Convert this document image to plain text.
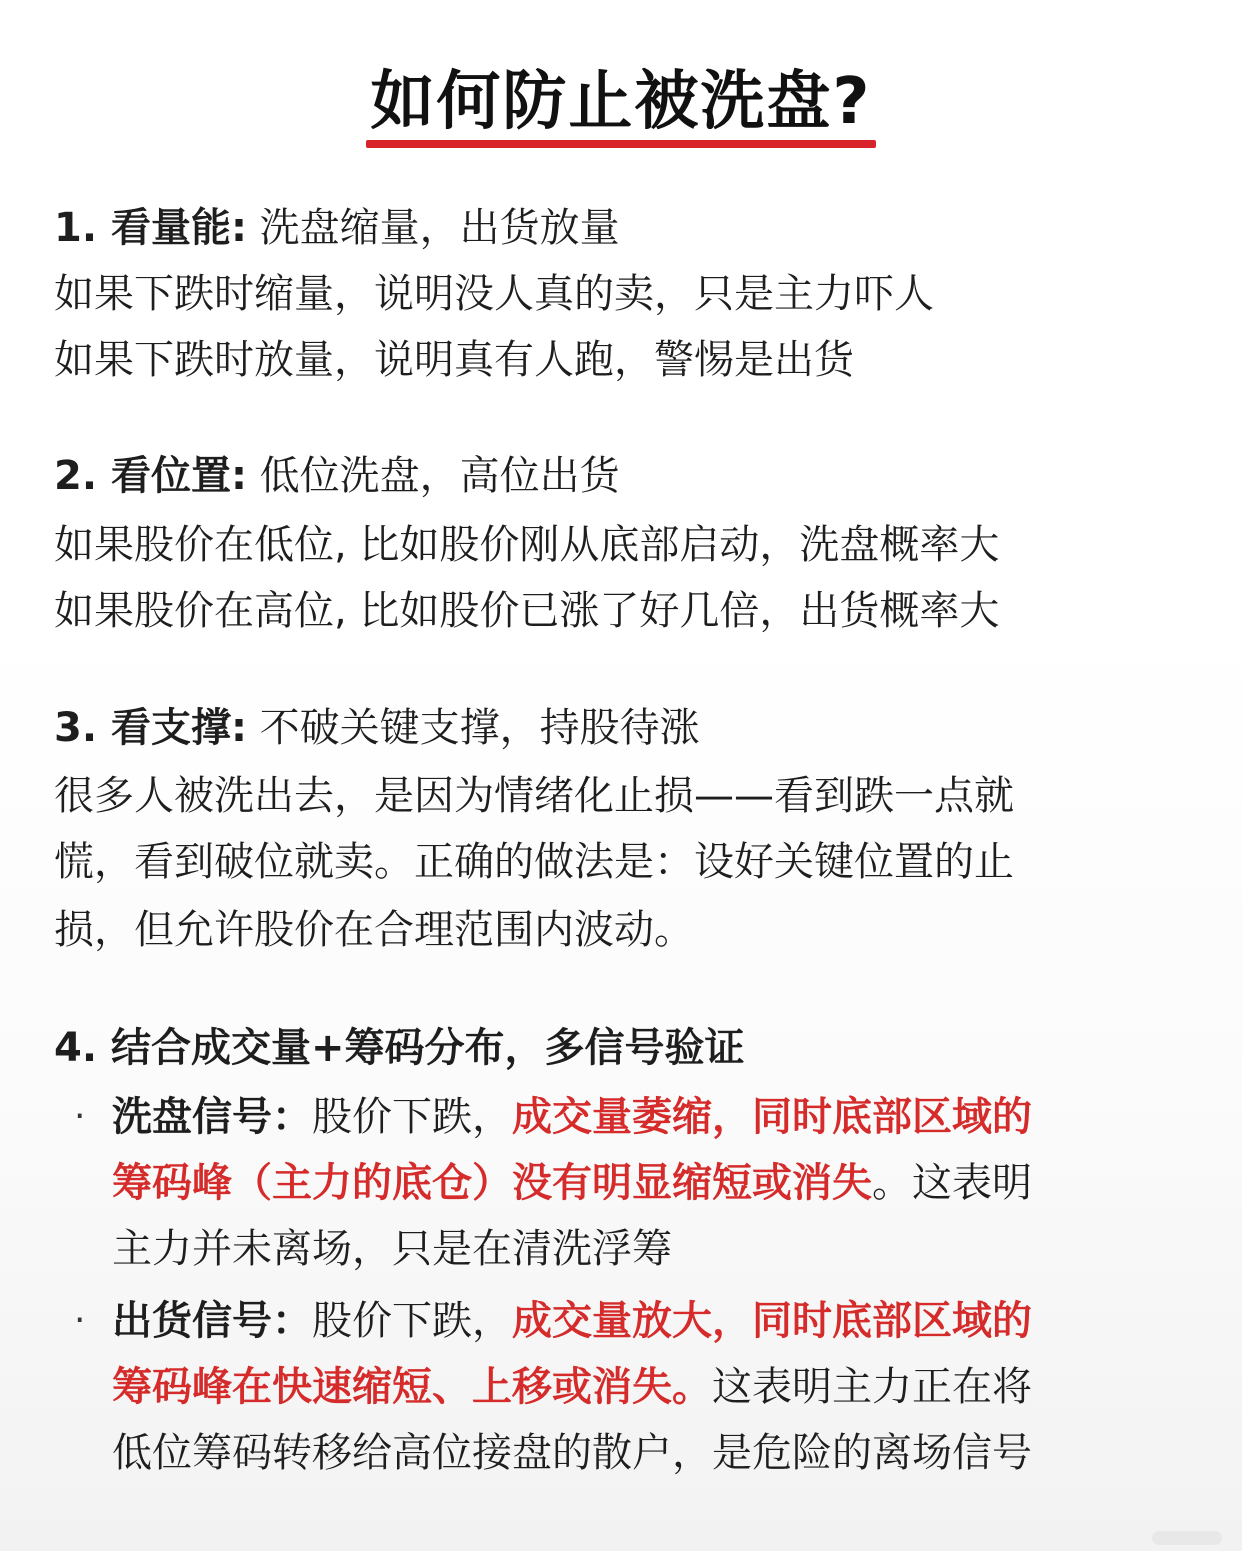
如何防止被洗盘?
1. 看量能: 洗盘缩量，出货放量
如果下跌时缩量，说明没人真的卖，只是主力吓人
如果下跌时放量，说明真有人跑，警惕是出货
2. 看位置: 低位洗盘，高位出货
如果股价在低位, 比如股价刚从底部启动，洗盘概率大
如果股价在高位, 比如股价已涨了好几倍，出货概率大
3. 看支撑: 不破关键支撑，持股待涨
很多人被洗出去，是因为情绪化止损——看到跌一点就
慌，看到破位就卖。正确的做法是：设好关键位置的止
损，但允许股价在合理范围内波动。
4. 结合成交量+筹码分布，多信号验证
· 洗盘信号：股价下跌，成交量萎缩，同时底部区域的
筹码峰（主力的底仓）没有明显缩短或消失。这表明
主力并未离场，只是在清洗浮筹
· 出货信号：股价下跌，成交量放大，同时底部区域的
筹码峰在快速缩短、上移或消失。这表明主力正在将
低位筹码转移给高位接盘的散户，是危险的离场信号
